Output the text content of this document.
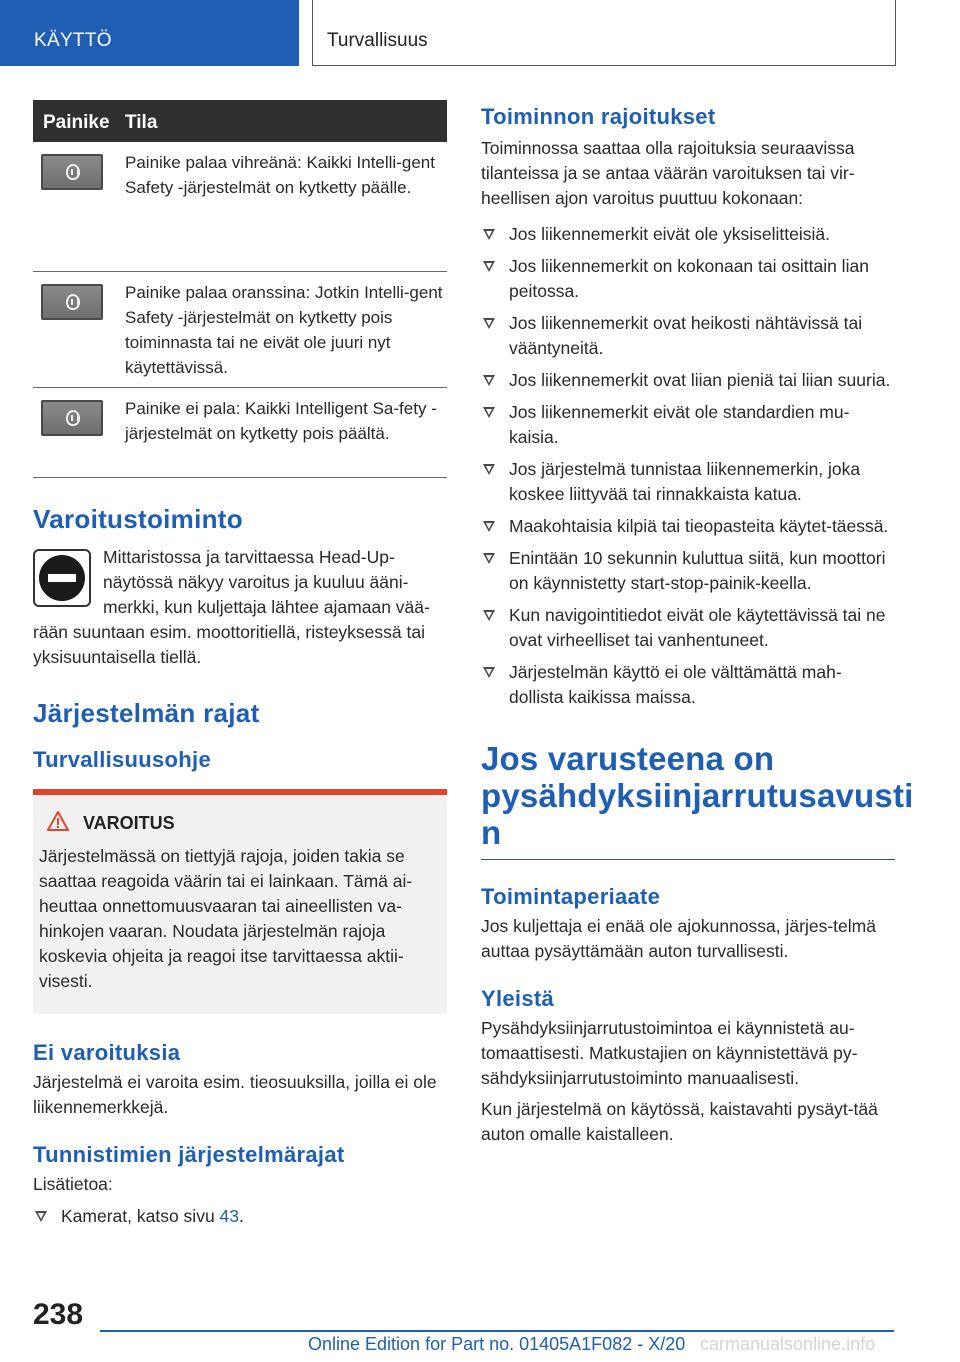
KÄYTTÖ	Turvallisuus
Painike Tila
Painike palaa vihreänä: Kaikki Intelli-gent Safety -järjestelmät on kytketty päälle.
Painike palaa oranssina: Jotkin Intelli-gent Safety -järjestelmät on kytketty pois toiminnasta tai ne eivät ole juuri nyt käytettävissä.
Painike ei pala: Kaikki Intelligent Sa-fety -järjestelmät on kytketty pois päältä.
Varoitustoiminto

Mittaristossa ja tarvittaessa Head-Up-näytössä näkyy varoitus ja kuuluu ääni-merkki, kun kuljettaja lähtee ajamaan vää-rään suuntaan esim. moottoritiellä, risteyksessä tai yksisuuntaisella tiellä.

Järjestelmän rajat
Turvallisuusohje
VAROITUS

Järjestelmässä on tiettyjä rajoja, joiden takia se saattaa reagoida väärin tai ei lainkaan. Tämä ai-heuttaa onnettomuusvaaran tai aineellisten va-hinkojen vaaran. Noudata järjestelmän rajoja koskevia ohjeita ja reagoi itse tarvittaessa aktii-visesti.

Ei varoituksia

Järjestelmä ei varoita esim. tieosuuksilla, joilla ei ole liikennemerkkejä.

Tunnistimien järjestelmärajat

Lisätietoa:

Kamerat, katso sivu 43.
Toiminnon rajoitukset

Toiminnossa saattaa olla rajoituksia seuraavissa tilanteissa ja se antaa väärän varoituksen tai vir-heellisen ajon varoitus puuttuu kokonaan:

Jos liikennemerkit eivät ole yksiselitteisiä.
Jos liikennemerkit on kokonaan tai osittain lian peitossa.
Jos liikennemerkit ovat heikosti nähtävissä tai vääntyneitä.
Jos liikennemerkit ovat liian pieniä tai liian suuria.
Jos liikennemerkit eivät ole standardien mu-kaisia.
Jos järjestelmä tunnistaa liikennemerkin, joka koskee liittyvää tai rinnakkaista katua.
Maakohtaisia kilpiä tai tieopasteita käytet-täessä.
Enintään 10 sekunnin kuluttua siitä, kun moottori on käynnistetty start-stop-painik-keella.
Kun navigointitiedot eivät ole käytettävissä tai ne ovat virheelliset tai vanhentuneet.
Järjestelmän käyttö ei ole välttämättä mah-dollista kaikissa maissa.
Jos varusteena on pysähdyksiinjarrutusavusti n
Toimintaperiaate

Jos kuljettaja ei enää ole ajokunnossa, järjes-telmä auttaa pysäyttämään auton turvallisesti.

Yleistä

Pysähdyksiinjarrutustoimintoa ei käynnistetä au-tomaattisesti. Matkustajien on käynnistettävä py-sähdyksiinjarrutustoiminto manuaalisesti.

Kun järjestelmä on käytössä, kaistavahti pysäyt-tää auton omalle kaistalleen.

238
Online Edition for Part no. 01405A1F082 - X/20 carmanualsonline.info
